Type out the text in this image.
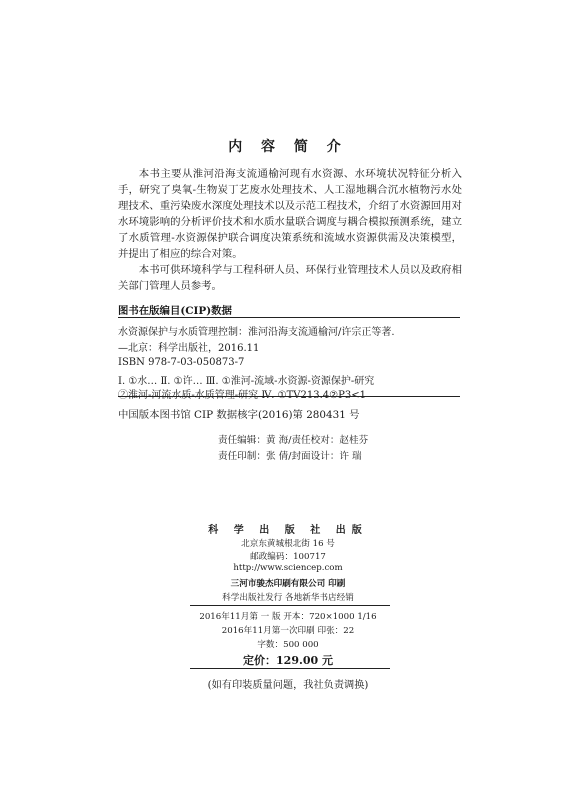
内 容 简 介

本书主要从淮河沿海支流通榆河现有水资源、水环境状况特征分析入手，研究了臭氧-生物炭丁艺废水处理技术、人工湿地耦合沉水植物污水处理技术、重污染废水深度处理技术以及示范工程技术，介绍了水资源回用对水环境影响的分析评价技术和水质水量联合调度与耦合模拟预测系统，建立了水质管理-水资源保护联合调度决策系统和流域水资源供需及决策模型，并提出了相应的综合对策。

本书可供环境科学与工程科研人员、环保行业管理技术人员以及政府相关部门管理人员参考。

图书在版编目(CIP)数据
水资源保护与水质管理控制：淮河沿海支流通榆河/许宗正等著.
—北京：科学出版社，2016.11
ISBN 978-7-03-050873-7
Ⅰ. ①水… Ⅱ. ①许… Ⅲ. ①淮河-流域-水资源-资源保护-研究
②淮河-河流水质-水质管理-研究 Ⅳ. ①TV213.4②P3<1
中国版本图书馆 CIP 数据核字(2016)第 280431 号
责任编辑：黄 海/责任校对：赵桂芬
责任印制：张 倩/封面设计：许 瑞
科 学 出 版 社 出版
北京东黄城根北街 16 号
邮政编码：100717
http://www.sciencep.com
三河市骏杰印刷有限公司 印刷
科学出版社发行 各地新华书店经销
2016年11月第 一 版 开本：720×1000 1/16
2016年11月第一次印刷 印张：22
字数：500 000
定价：129.00 元
(如有印装质量问题，我社负责调换)
